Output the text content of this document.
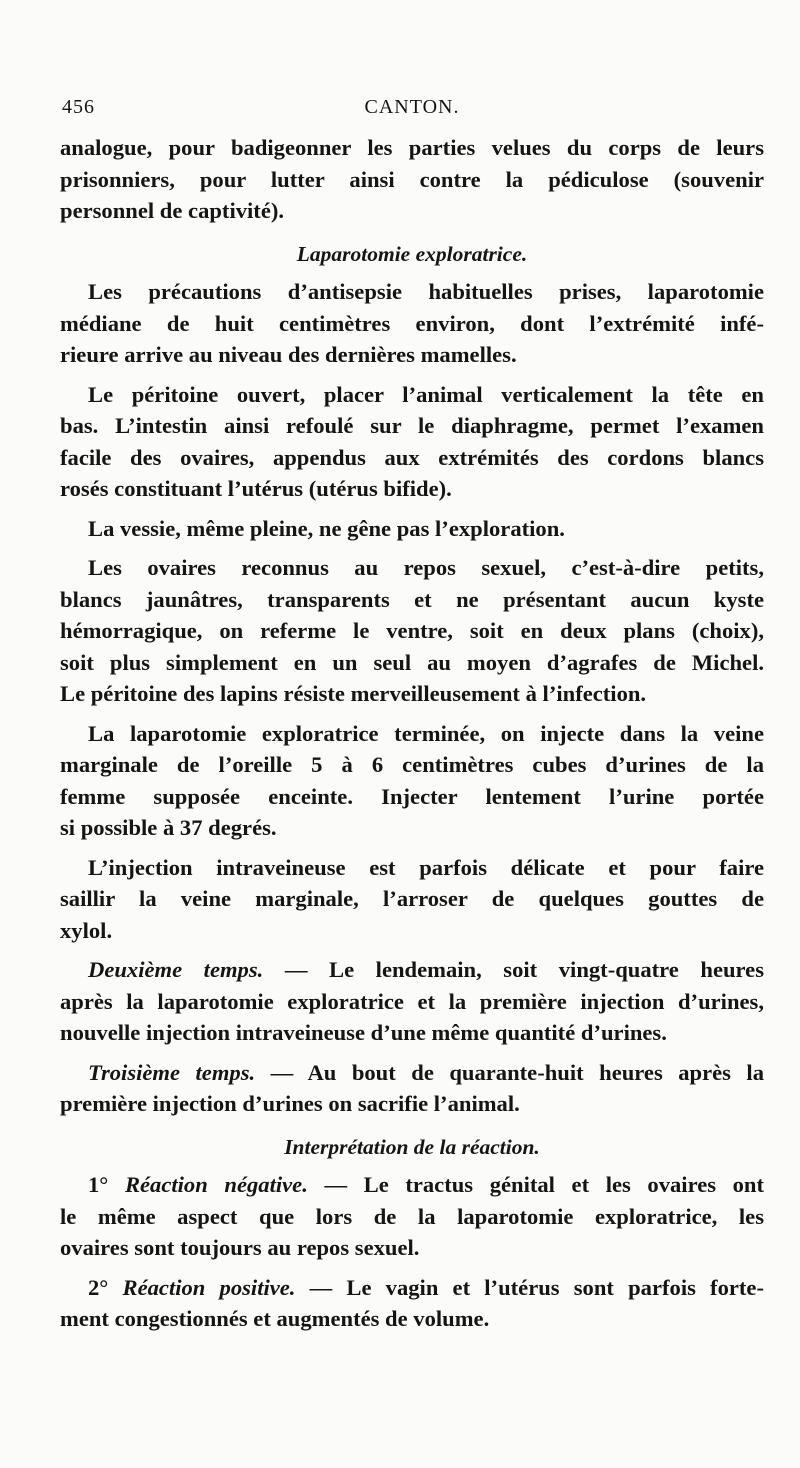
456	CANTON.
analogue, pour badigeonner les parties velues du corps de leurs
prisonniers, pour lutter ainsi contre la pédiculose (souvenir
personnel de captivité).
Laparotomie exploratrice.
Les précautions d’antisepsie habituelles prises, laparotomie
médiane de huit centimètres environ, dont l’extrémité infé-
rieure arrive au niveau des dernières mamelles.
Le péritoine ouvert, placer l’animal verticalement la tête en
bas. L’intestin ainsi refoulé sur le diaphragme, permet l’examen
facile des ovaires, appendus aux extrémités des cordons blancs
rosés constituant l’utérus (utérus bifide).
La vessie, même pleine, ne gêne pas l’exploration.
Les ovaires reconnus au repos sexuel, c’est-à-dire petits,
blancs jaunâtres, transparents et ne présentant aucun kyste
hémorragique, on referme le ventre, soit en deux plans (choix),
soit plus simplement en un seul au moyen d’agrafes de Michel.
Le péritoine des lapins résiste merveilleusement à l’infection.
La laparotomie exploratrice terminée, on injecte dans la veine
marginale de l’oreille 5 à 6 centimètres cubes d’urines de la
femme supposée enceinte. Injecter lentement l’urine portée
si possible à 37 degrés.
L’injection intraveineuse est parfois délicate et pour faire
saillir la veine marginale, l’arroser de quelques gouttes de
xylol.
Deuxième temps. — Le lendemain, soit vingt-quatre heures
après la laparotomie exploratrice et la première injection d’urines,
nouvelle injection intraveineuse d’une même quantité d’urines.
Troisième temps. — Au bout de quarante-huit heures après la
première injection d’urines on sacrifie l’animal.
Interprétation de la réaction.
1° Réaction négative. — Le tractus génital et les ovaires ont
le même aspect que lors de la laparotomie exploratrice, les
ovaires sont toujours au repos sexuel.
2° Réaction positive. — Le vagin et l’utérus sont parfois forte-
ment congestionnés et augmentés de volume.
